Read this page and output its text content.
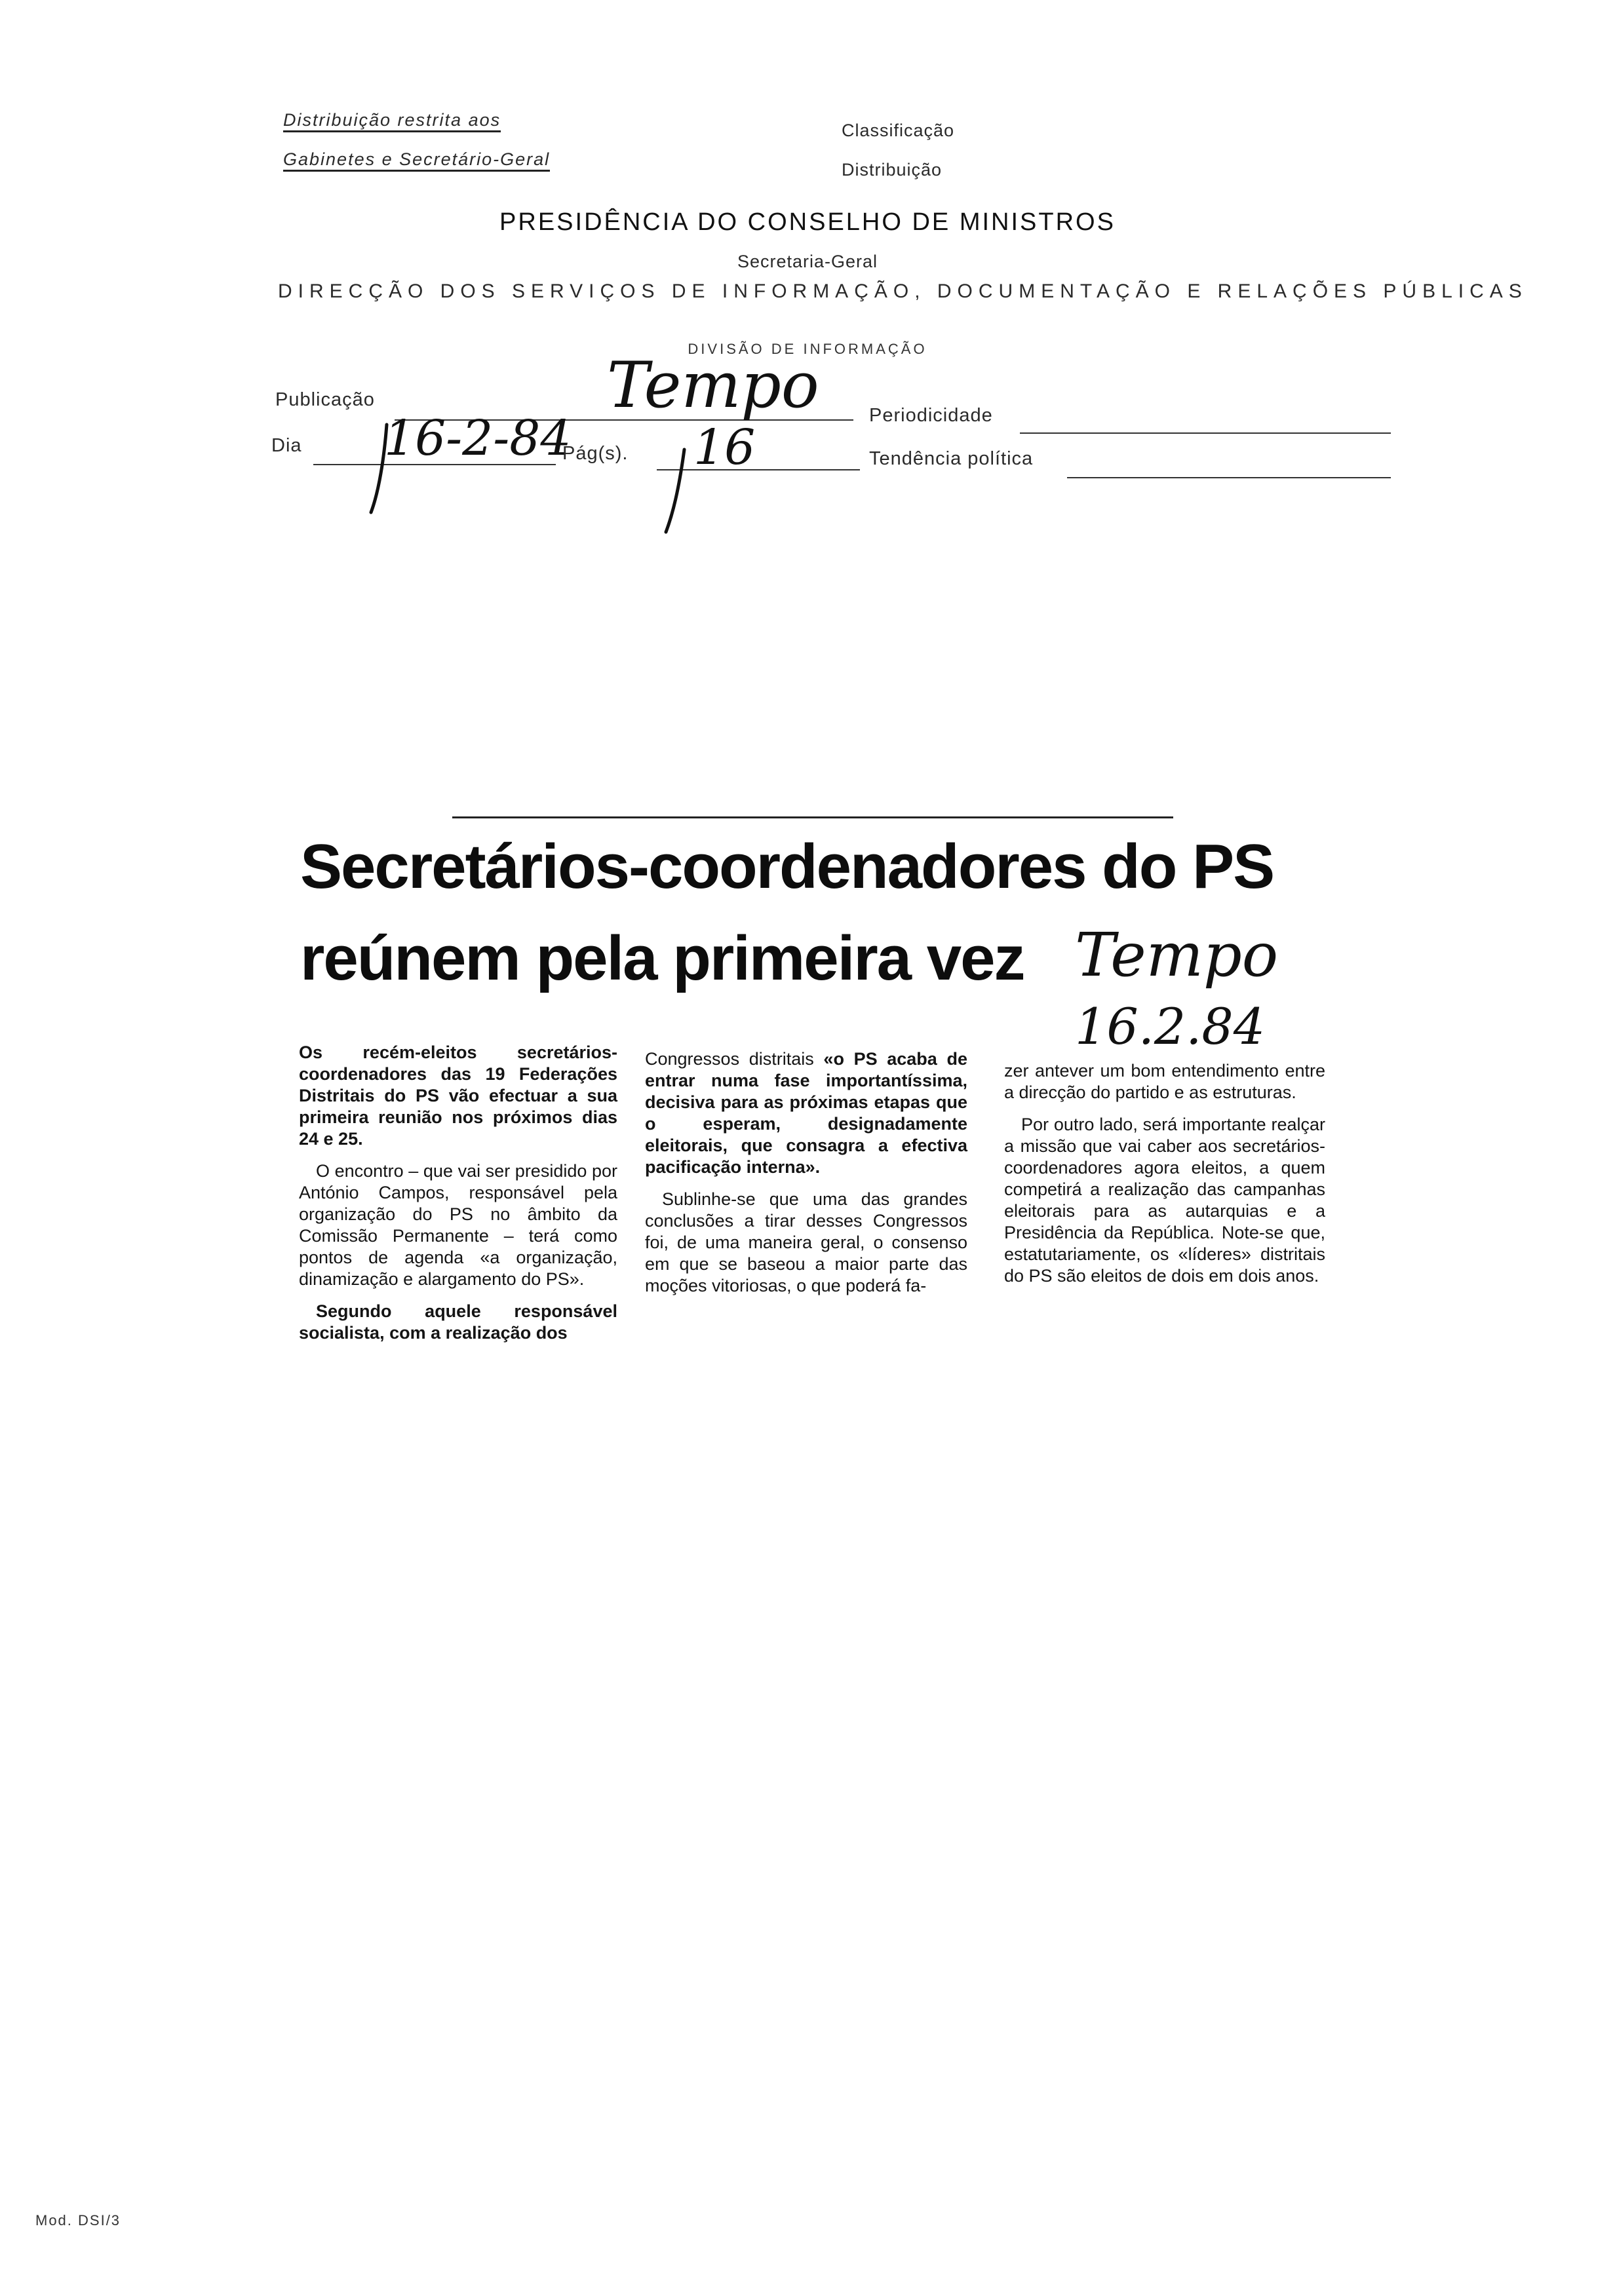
Distribuição restrita aos
Gabinetes e Secretário-Geral
Classificação
Distribuição
PRESIDÊNCIA DO CONSELHO DE MINISTROS
Secretaria-Geral
DIRECÇÃO DOS SERVIÇOS DE INFORMAÇÃO, DOCUMENTAÇÃO E RELAÇÕES PÚBLICAS
DIVISÃO DE INFORMAÇÃO
Publicação	Tempo	Periodicidade
Dia 16-2-84
Pág(s). 16	Tendência política
Secretários-coordenadores do PS
reúnem pela primeira vez Tempo
16.2.84

Os recém-eleitos secretários-coordenadores das 19 Federações Distritais do PS vão efectuar a sua primeira reunião nos próximos dias 24 e 25.

O encontro – que vai ser presidido por António Campos, responsável pela organização do PS no âmbito da Comissão Permanente – terá como pontos de agenda «a organização, dinamização e alargamento do PS».

Segundo aquele responsável socialista, com a realização dos

Congressos distritais «o PS acaba de entrar numa fase importantíssima, decisiva para as próximas etapas que o esperam, designadamente eleitorais, que consagra a efectiva pacificação interna».

Sublinhe-se que uma das grandes conclusões a tirar desses Congressos foi, de uma maneira geral, o consenso em que se baseou a maior parte das moções vitoriosas, o que poderá fa-

zer antever um bom entendimento entre a direcção do partido e as estruturas.

Por outro lado, será importante realçar a missão que vai caber aos secretários-coordenadores agora eleitos, a quem competirá a realização das campanhas eleitorais para as autarquias e a Presidência da República. Note-se que, estatutariamente, os «líderes» distritais do PS são eleitos de dois em dois anos.

Mod. DSI/3
